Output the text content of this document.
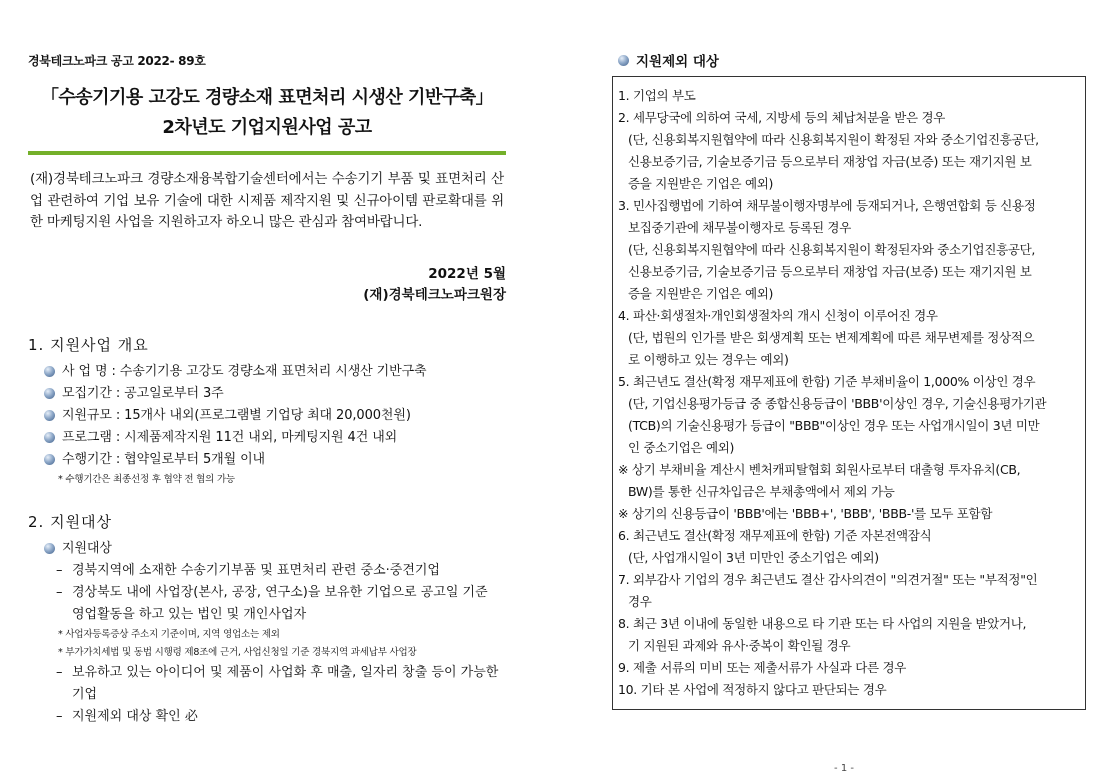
경북테크노파크 공고 2022- 89호
「수송기기용 고강도 경량소재 표면처리 시생산 기반구축」
2차년도 기업지원사업 공고
(재)경북테크노파크 경량소재융복합기술센터에서는 수송기기 부품 및 표면처리 산업 관련하여 기업 보유 기술에 대한 시제품 제작지원 및 신규아이템 판로확대를 위한 마케팅지원 사업을 지원하고자 하오니 많은 관심과 참여바랍니다.
2022년 5월
(재)경북테크노파크원장
1. 지원사업 개요
사 업 명 : 수송기기용 고강도 경량소재 표면처리 시생산 기반구축
모집기간 : 공고일로부터 3주
지원규모 : 15개사 내외(프로그램별 기업당 최대 20,000천원)
프로그램 : 시제품제작지원 11건 내외, 마케팅지원 4건 내외
수행기간 : 협약일로부터 5개월 이내
* 수행기간은 최종선정 후 협약 전 협의 가능
2. 지원대상
지원대상
– 경북지역에 소재한 수송기기부품 및 표면처리 관련 중소·중견기업
– 경상북도 내에 사업장(본사, 공장, 연구소)을 보유한 기업으로 공고일 기준 영업활동을 하고 있는 법인 및 개인사업자
* 사업자등록증상 주소지 기준이며, 지역 영업소는 제외
* 부가가치세법 및 동법 시행령 제8조에 근거, 사업신청일 기준 경북지역 과세납부 사업장
– 보유하고 있는 아이디어 및 제품이 사업화 후 매출, 일자리 창출 등이 가능한 기업
– 지원제외 대상 확인 必
지원제외 대상
1. 기업의 부도
2. 세무당국에 의하여 국세, 지방세 등의 체납처분을 받은 경우
(단, 신용회복지원협약에 따라 신용회복지원이 확정된 자와 중소기업진흥공단,
신용보증기금, 기술보증기금 등으로부터 재창업 자금(보증) 또는 재기지원 보
증을 지원받은 기업은 예외)
3. 민사집행법에 기하여 채무불이행자명부에 등재되거나, 은행연합회 등 신용정
보집중기관에 채무불이행자로 등록된 경우
(단, 신용회복지원협약에 따라 신용회복지원이 확정된자와 중소기업진흥공단,
신용보증기금, 기술보증기금 등으로부터 재창업 자금(보증) 또는 재기지원 보
증을 지원받은 기업은 예외)
4. 파산·회생절차·개인회생절차의 개시 신청이 이루어진 경우
(단, 법원의 인가를 받은 회생계획 또는 변제계획에 따른 채무변제를 정상적으
로 이행하고 있는 경우는 예외)
5. 최근년도 결산(확정 재무제표에 한함) 기준 부채비율이 1,000% 이상인 경우
(단, 기업신용평가등급 중 종합신용등급이 'BBB'이상인 경우, 기술신용평가기관
(TCB)의 기술신용평가 등급이 "BBB"이상인 경우 또는 사업개시일이 3년 미만
인 중소기업은 예외)
※ 상기 부채비율 계산시 벤처캐피탈협회 회원사로부터 대출형 투자유치(CB,
BW)를 통한 신규차입금은 부채총액에서 제외 가능
※ 상기의 신용등급이 'BBB'에는 'BBB+', 'BBB', 'BBB-'를 모두 포함함
6. 최근년도 결산(확정 재무제표에 한함) 기준 자본전액잠식
(단, 사업개시일이 3년 미만인 중소기업은 예외)
7. 외부감사 기업의 경우 최근년도 결산 감사의견이 "의견거절" 또는 "부적정"인
경우
8. 최근 3년 이내에 동일한 내용으로 타 기관 또는 타 사업의 지원을 받았거나,
기 지원된 과제와 유사·중복이 확인될 경우
9. 제출 서류의 미비 또는 제출서류가 사실과 다른 경우
10. 기타 본 사업에 적정하지 않다고 판단되는 경우
- 1 -
